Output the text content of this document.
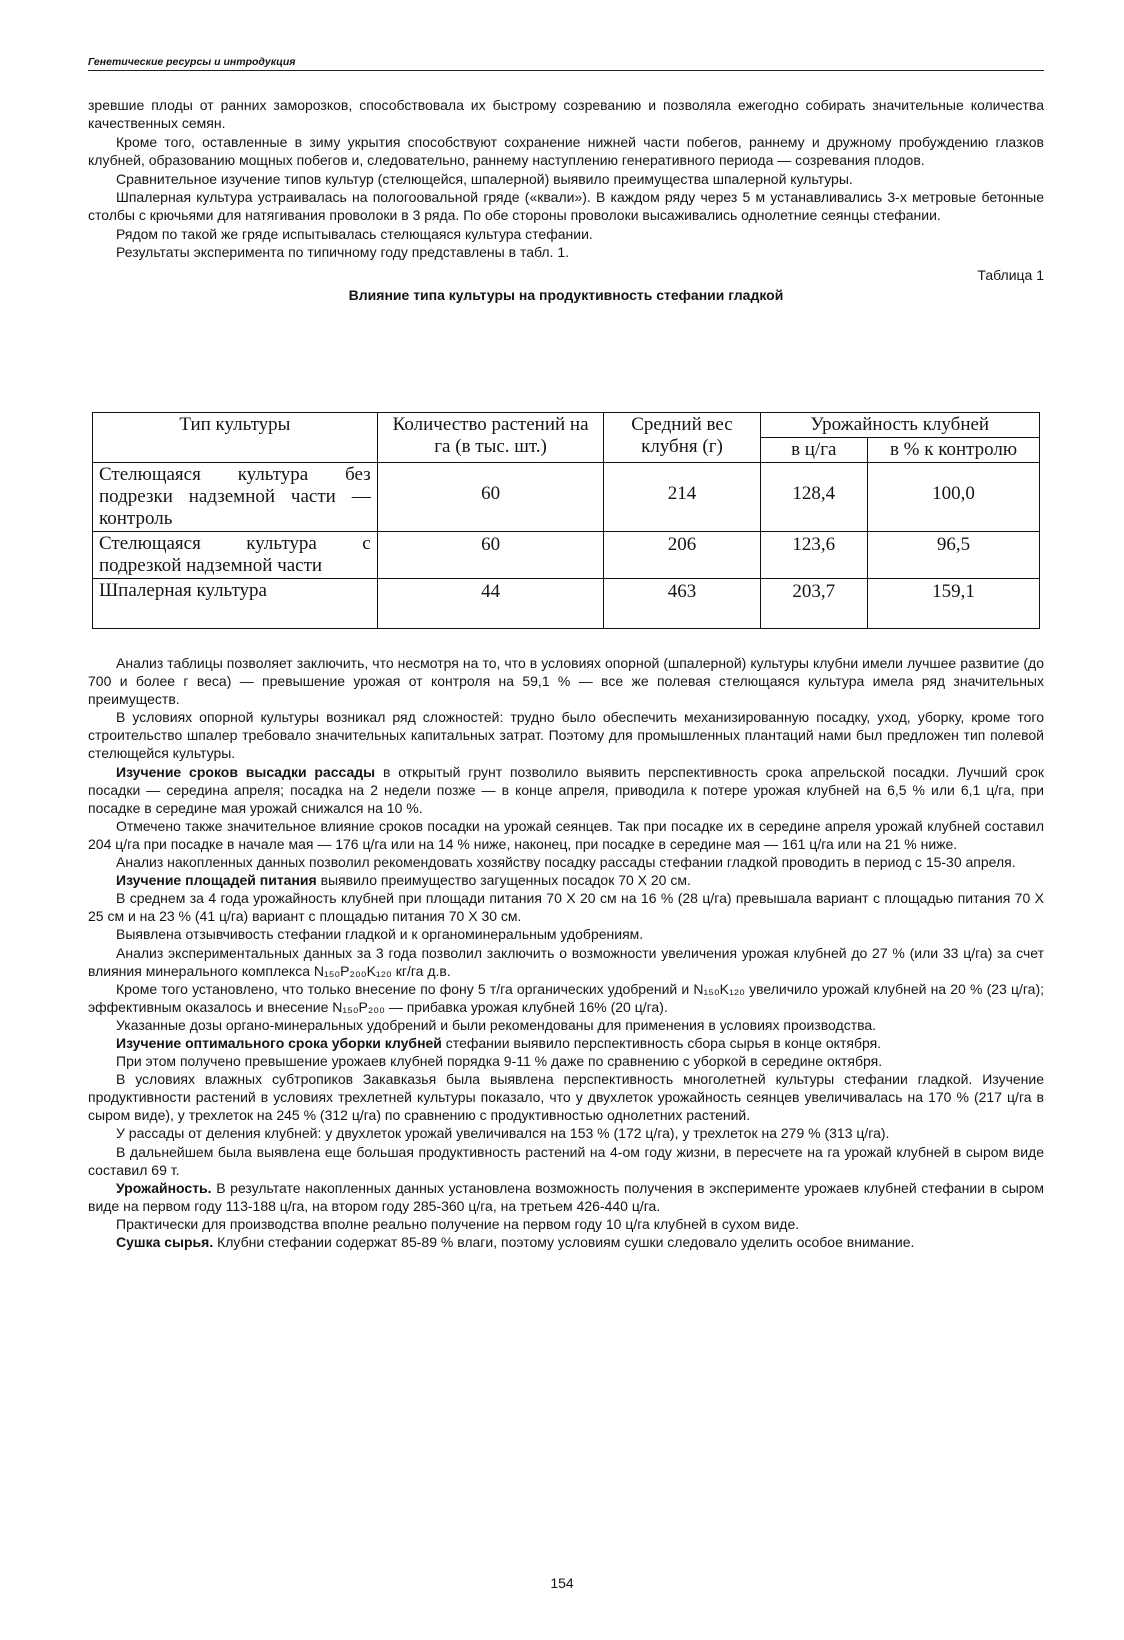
Генетические ресурсы и интродукция

зревшие плоды от ранних заморозков, способствовала их быстрому созреванию и позволяла ежегодно собирать значительные количества качественных семян.

Кроме того, оставленные в зиму укрытия способствуют сохранение нижней части побегов, раннему и дружному пробуждению глазков клубней, образованию мощных побегов и, следовательно, раннему наступлению генеративного периода — созревания плодов.

Сравнительное изучение типов культур (стелющейся, шпалерной) выявило преимущества шпалерной культуры.

Шпалерная культура устраивалась на пологоовальной гряде («квали»). В каждом ряду через 5 м устанавливались 3-х метровые бетонные столбы с крючьями для натягивания проволоки в 3 ряда. По обе стороны проволоки высаживались однолетние сеянцы стефании.

Рядом по такой же гряде испытывалась стелющаяся культура стефании.

Результаты эксперимента по типичному году представлены в табл. 1.

Таблица 1
Влияние типа культуры на продуктивность стефании гладкой
Тип культуры	Количество растений на га (в тыс. шт.)	Средний вес клубня (г)	Урожайность клубней	
			в ц/га	в % к контролю
Стелющаяся культура без подрезки надземной части — контроль	60	214	128,4	100,0
Стелющаяся культура с подрезкой надземной части	60	206	123,6	96,5
Шпалерная культура	44	463	203,7	159,1

Анализ таблицы позволяет заключить, что несмотря на то, что в условиях опорной (шпалерной) культуры клубни имели лучшее развитие (до 700 и более г веса) — превышение урожая от контроля на 59,1 % — все же полевая стелющаяся культура имела ряд значительных преимуществ.

В условиях опорной культуры возникал ряд сложностей: трудно было обеспечить механизированную посадку, уход, уборку, кроме того строительство шпалер требовало значительных капитальных затрат. Поэтому для промышленных плантаций нами был предложен тип полевой стелющейся культуры.

Изучение сроков высадки рассады в открытый грунт позволило выявить перспективность срока апрельской посадки. Лучший срок посадки — середина апреля; посадка на 2 недели позже — в конце апреля, приводила к потере урожая клубней на 6,5 % или 6,1 ц/га, при посадке в середине мая урожай снижался на 10 %.

Отмечено также значительное влияние сроков посадки на урожай сеянцев. Так при посадке их в середине апреля урожай клубней составил 204 ц/га при посадке в начале мая — 176 ц/га или на 14 % ниже, наконец, при посадке в середине мая — 161 ц/га или на 21 % ниже.

Анализ накопленных данных позволил рекомендовать хозяйству посадку рассады стефании гладкой проводить в период с 15-30 апреля.

Изучение площадей питания выявило преимущество загущенных посадок 70 X 20 см.

В среднем за 4 года урожайность клубней при площади питания 70 X 20 см на 16 % (28 ц/га) превышала вариант с площадью питания 70 X 25 см и на 23 % (41 ц/га) вариант с площадью питания 70 X 30 см.

Выявлена отзывчивость стефании гладкой и к органоминеральным удобрениям.

Анализ экспериментальных данных за 3 года позволил заключить о возможности увеличения урожая клубней до 27 % (или 33 ц/га) за счет влияния минерального комплекса N₁₅₀P₂₀₀K₁₂₀ кг/га д.в.

Кроме того установлено, что только внесение по фону 5 т/га органических удобрений и N₁₅₀K₁₂₀ увеличило урожай клубней на 20 % (23 ц/га); эффективным оказалось и внесение N₁₅₀P₂₀₀ — прибавка урожая клубней 16% (20 ц/га).

Указанные дозы органо-минеральных удобрений и были рекомендованы для применения в условиях производства.

Изучение оптимального срока уборки клубней стефании выявило перспективность сбора сырья в конце октября.

При этом получено превышение урожаев клубней порядка 9-11 % даже по сравнению с уборкой в середине октября.

В условиях влажных субтропиков Закавказья была выявлена перспективность многолетней культуры стефании гладкой. Изучение продуктивности растений в условиях трехлетней культуры показало, что у двухлеток урожайность сеянцев увеличивалась на 170 % (217 ц/га в сыром виде), у трехлеток на 245 % (312 ц/га) по сравнению с продуктивностью однолетних растений.

У рассады от деления клубней: у двухлеток урожай увеличивался на 153 % (172 ц/га), у трехлеток на 279 % (313 ц/га).

В дальнейшем была выявлена еще большая продуктивность растений на 4-ом году жизни, в пересчете на га урожай клубней в сыром виде составил 69 т.

Урожайность. В результате накопленных данных установлена возможность получения в эксперименте урожаев клубней стефании в сыром виде на первом году 113-188 ц/га, на втором году 285-360 ц/га, на третьем 426-440 ц/га.

Практически для производства вполне реально получение на первом году 10 ц/га клубней в сухом виде.

Сушка сырья. Клубни стефании содержат 85-89 % влаги, поэтому условиям сушки следовало уделить особое внимание.

154
